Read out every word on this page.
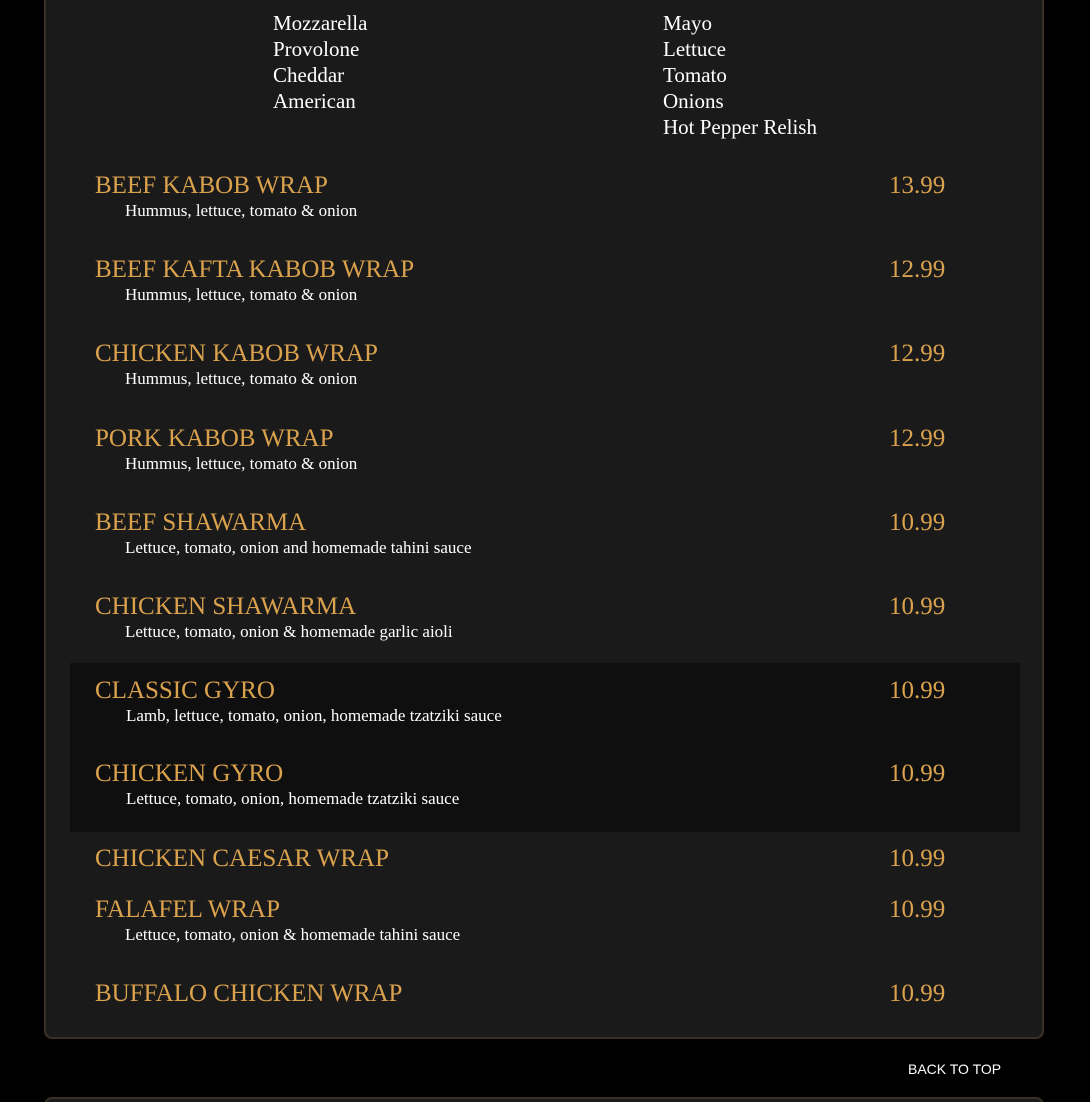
Mozzarella
Provolone
Cheddar
American
Mayo
Lettuce
Tomato
Onions
Hot Pepper Relish
BEEF KABOB WRAP	13.99
Hummus, lettuce, tomato & onion
BEEF KAFTA KABOB WRAP	12.99
Hummus, lettuce, tomato & onion
CHICKEN KABOB WRAP	12.99
Hummus, lettuce, tomato & onion
PORK KABOB WRAP	12.99
Hummus, lettuce, tomato & onion
BEEF SHAWARMA	10.99
Lettuce, tomato, onion and homemade tahini sauce
CHICKEN SHAWARMA	10.99
Lettuce, tomato, onion & homemade garlic aioli
CLASSIC GYRO	10.99
Lamb, lettuce, tomato, onion, homemade tzatziki sauce
CHICKEN GYRO	10.99
Lettuce, tomato, onion, homemade tzatziki sauce
CHICKEN CAESAR WRAP	10.99
FALAFEL WRAP	10.99
Lettuce, tomato, onion & homemade tahini sauce
BUFFALO CHICKEN WRAP	10.99
BACK TO TOP
